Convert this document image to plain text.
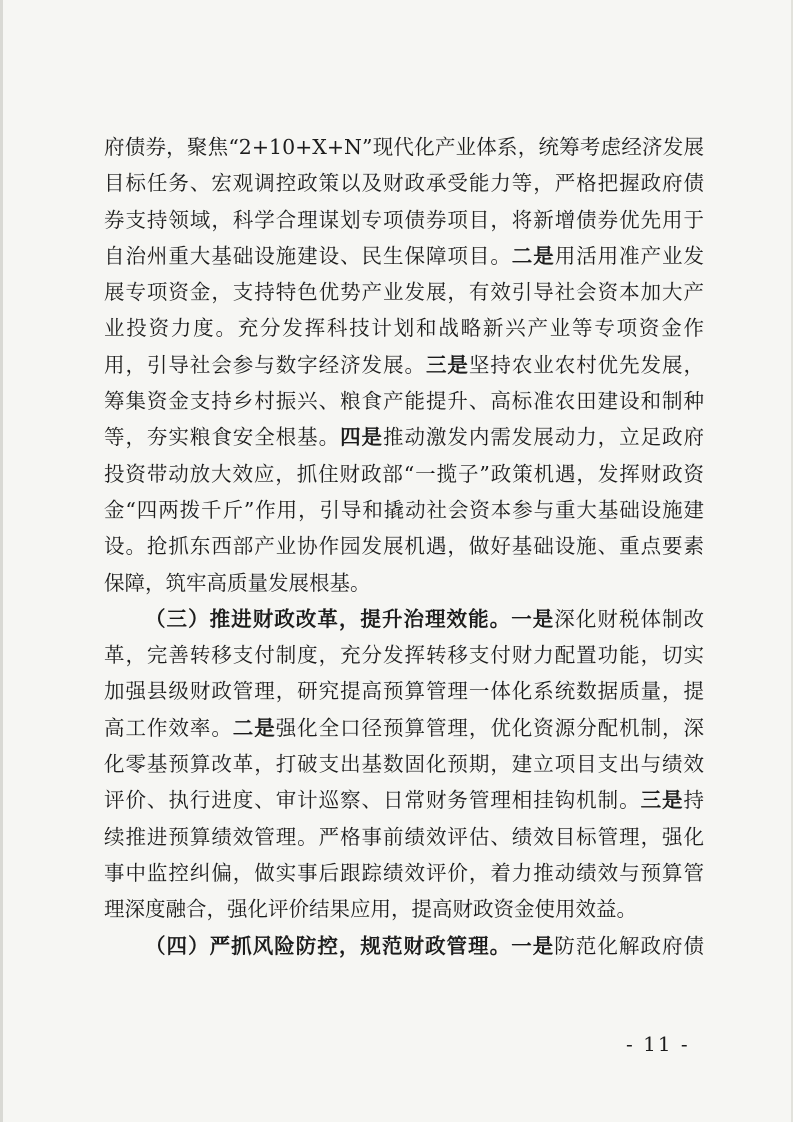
府债券，聚焦“2+10+X+N”现代化产业体系，统筹考虑经济发展
目标任务、宏观调控政策以及财政承受能力等，严格把握政府债
券支持领域，科学合理谋划专项债券项目，将新增债券优先用于
自治州重大基础设施建设、民生保障项目。二是用活用准产业发
展专项资金，支持特色优势产业发展，有效引导社会资本加大产
业投资力度。充分发挥科技计划和战略新兴产业等专项资金作
用，引导社会参与数字经济发展。三是坚持农业农村优先发展，
筹集资金支持乡村振兴、粮食产能提升、高标准农田建设和制种
等，夯实粮食安全根基。四是推动激发内需发展动力，立足政府
投资带动放大效应，抓住财政部“一揽子”政策机遇，发挥财政资
金“四两拨千斤”作用，引导和撬动社会资本参与重大基础设施建
设。抢抓东西部产业协作园发展机遇，做好基础设施、重点要素
保障，筑牢高质量发展根基。
（三）推进财政改革，提升治理效能。一是深化财税体制改
革，完善转移支付制度，充分发挥转移支付财力配置功能，切实
加强县级财政管理，研究提高预算管理一体化系统数据质量，提
高工作效率。二是强化全口径预算管理，优化资源分配机制，深
化零基预算改革，打破支出基数固化预期，建立项目支出与绩效
评价、执行进度、审计巡察、日常财务管理相挂钩机制。三是持
续推进预算绩效管理。严格事前绩效评估、绩效目标管理，强化
事中监控纠偏，做实事后跟踪绩效评价，着力推动绩效与预算管
理深度融合，强化评价结果应用，提高财政资金使用效益。
（四）严抓风险防控，规范财政管理。一是防范化解政府债
- 11 -
